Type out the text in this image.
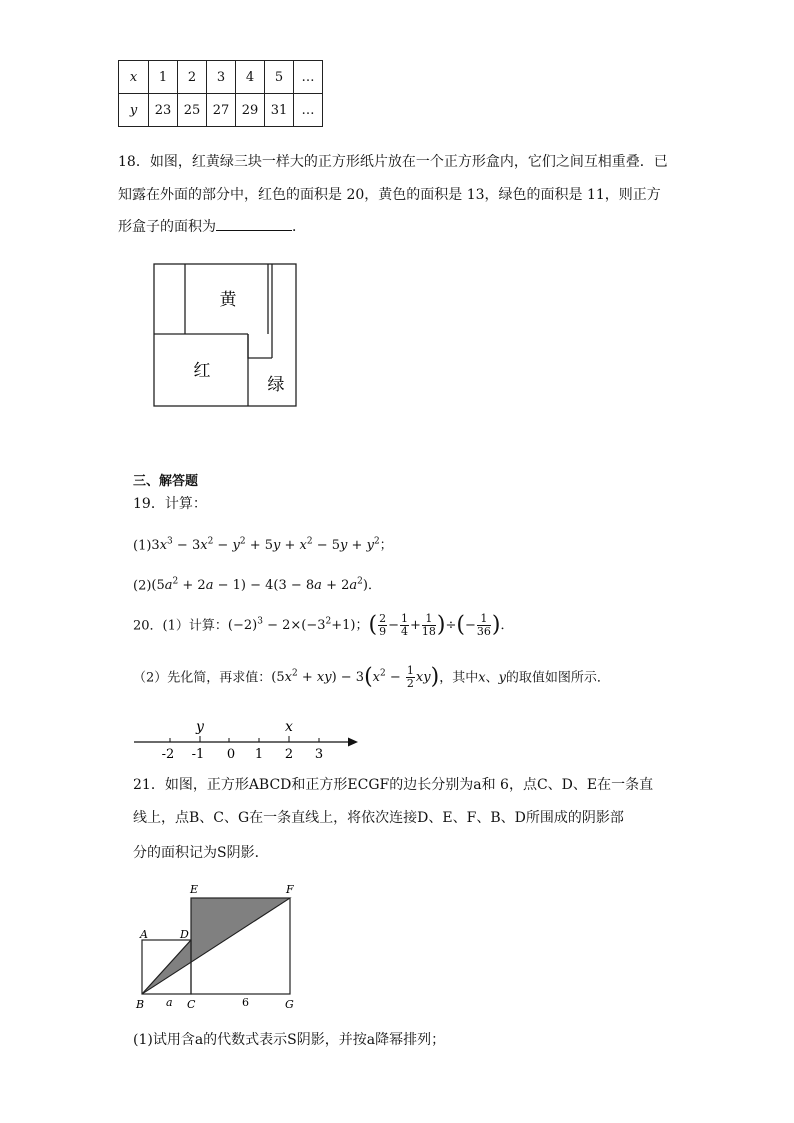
x	1	2	3	4	5	…
y	23	25	27	29	31	…
18．如图，红黄绿三块一样大的正方形纸片放在一个正方形盒内，它们之间互相重叠．已
知露在外面的部分中，红色的面积是 20，黄色的面积是 13，绿色的面积是 11，则正方
形盒子的面积为	．
黄
红
绿
三、解答题
19．计算：
$(1)3x^3 - 3x^2 - y^2 + 5y + x^2 - 5y + y^2$；
$(2)(5a^2 + 2a - 1) - 4(3 - 8a + 2a^2)$．
20．(1）计算：$(-2)^3 - 2\times(-3^2+1)$；( $\frac{2}{9} - \frac{1}{4} + \frac{1}{18}$ )÷(− $\frac{1}{36}$ )．
（2）先化简，再求值：$(5x^2 + xy) - 3(x^2 - \frac{1}{2} xy)$，其中x、y的取值如图所示．
y	x
-2 -1 0 1 2 3
21．如图，正方形ABCD和正方形ECGF的边长分别为a和 6，点C、D、E在一条直
线上，点B、C、G在一条直线上，将依次连接D、E、F、B、D所围成的阴影部
分的面积记为S阴影．
A	D
E	F
B	C	G
a	6
(1)试用含a的代数式表示S阴影，并按a降幂排列；
